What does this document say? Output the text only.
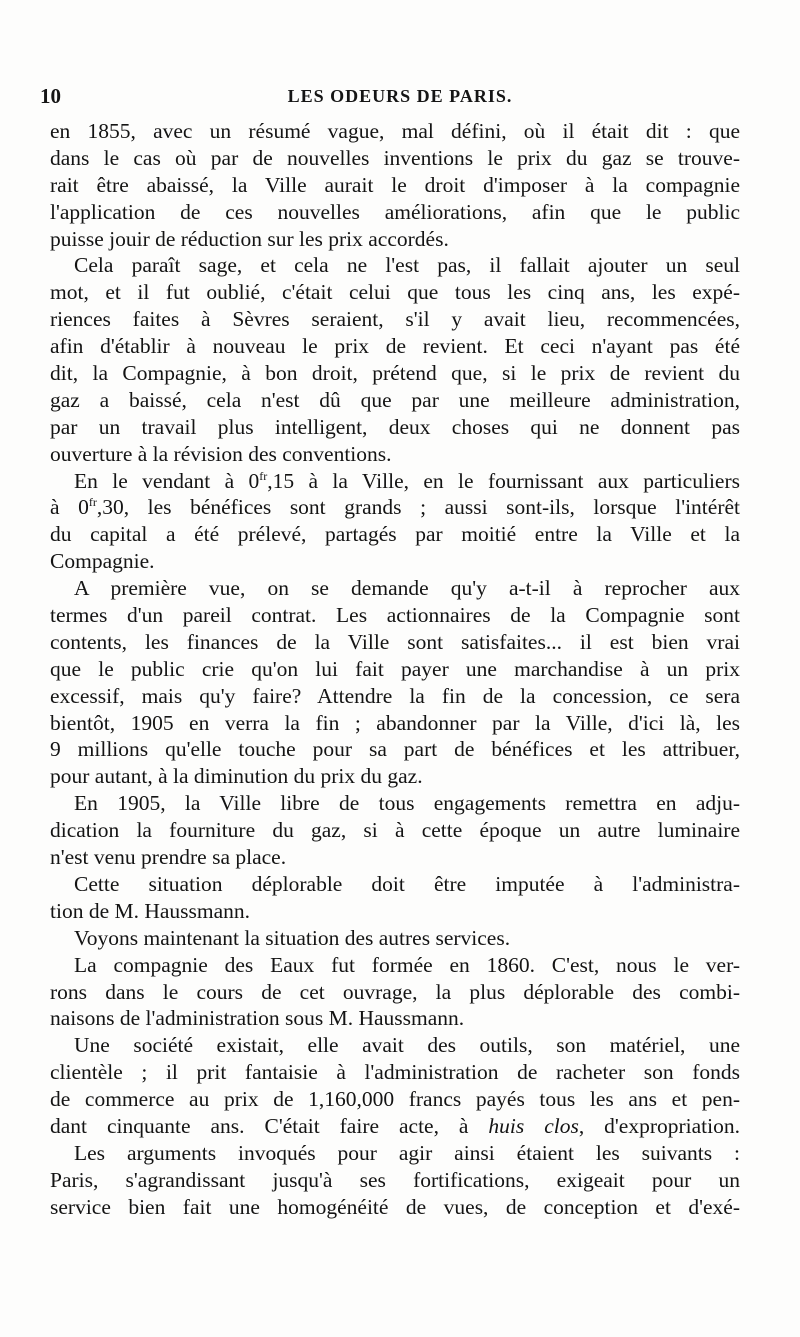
10	LES ODEURS DE PARIS.
en 1855, avec un résumé vague, mal défini, où il était dit : que
dans le cas où par de nouvelles inventions le prix du gaz se trouve-
rait être abaissé, la Ville aurait le droit d'imposer à la compagnie
l'application de ces nouvelles améliorations, afin que le public
puisse jouir de réduction sur les prix accordés.
Cela paraît sage, et cela ne l'est pas, il fallait ajouter un seul
mot, et il fut oublié, c'était celui que tous les cinq ans, les expé-
riences faites à Sèvres seraient, s'il y avait lieu, recommencées,
afin d'établir à nouveau le prix de revient. Et ceci n'ayant pas été
dit, la Compagnie, à bon droit, prétend que, si le prix de revient du
gaz a baissé, cela n'est dû que par une meilleure administration,
par un travail plus intelligent, deux choses qui ne donnent pas
ouverture à la révision des conventions.
En le vendant à $0^{fr},15$ à la Ville, en le fournissant aux particuliers
à $0^{fr},30$, les bénéfices sont grands ; aussi sont-ils, lorsque l'intérêt
du capital a été prélevé, partagés par moitié entre la Ville et la
Compagnie.
A première vue, on se demande qu'y a-t-il à reprocher aux
termes d'un pareil contrat. Les actionnaires de la Compagnie sont
contents, les finances de la Ville sont satisfaites... il est bien vrai
que le public crie qu'on lui fait payer une marchandise à un prix
excessif, mais qu'y faire? Attendre la fin de la concession, ce sera
bientôt, 1905 en verra la fin ; abandonner par la Ville, d'ici là, les
9 millions qu'elle touche pour sa part de bénéfices et les attribuer,
pour autant, à la diminution du prix du gaz.
En 1905, la Ville libre de tous engagements remettra en adju-
dication la fourniture du gaz, si à cette époque un autre luminaire
n'est venu prendre sa place.
Cette situation déplorable doit être imputée à l'administra-
tion de M. Haussmann.
Voyons maintenant la situation des autres services.
La compagnie des Eaux fut formée en 1860. C'est, nous le ver-
rons dans le cours de cet ouvrage, la plus déplorable des combi-
naisons de l'administration sous M. Haussmann.
Une société existait, elle avait des outils, son matériel, une
clientèle ; il prit fantaisie à l'administration de racheter son fonds
de commerce au prix de 1,160,000 francs payés tous les ans et pen-
dant cinquante ans. C'était faire acte, à huis clos, d'expropriation.
Les arguments invoqués pour agir ainsi étaient les suivants :
Paris, s'agrandissant jusqu'à ses fortifications, exigeait pour un
service bien fait une homogénéité de vues, de conception et d'exé-
